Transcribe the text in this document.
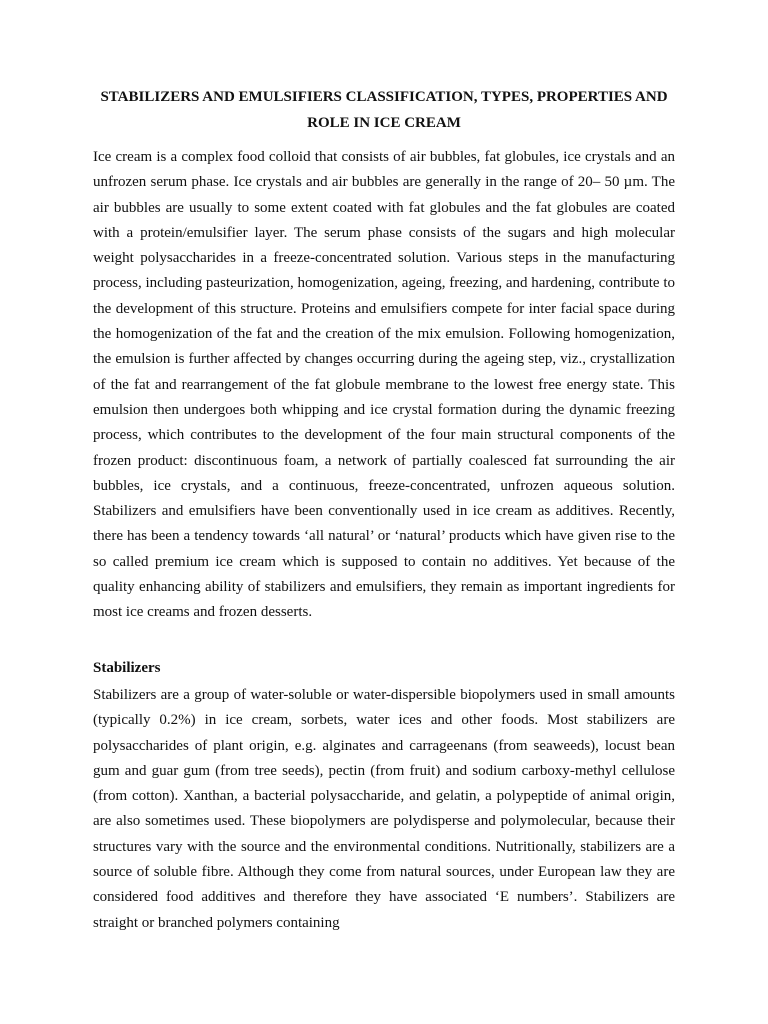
STABILIZERS AND EMULSIFIERS CLASSIFICATION, TYPES, PROPERTIES AND ROLE IN ICE CREAM

Ice cream is a complex food colloid that consists of air bubbles, fat globules, ice crystals and an unfrozen serum phase. Ice crystals and air bubbles are generally in the range of 20– 50 µm. The air bubbles are usually to some extent coated with fat globules and the fat globules are coated with a protein/emulsifier layer. The serum phase consists of the sugars and high molecular weight polysaccharides in a freeze-concentrated solution. Various steps in the manufacturing process, including pasteurization, homogenization, ageing, freezing, and hardening, contribute to the development of this structure. Proteins and emulsifiers compete for inter facial space during the homogenization of the fat and the creation of the mix emulsion. Following homogenization, the emulsion is further affected by changes occurring during the ageing step, viz., crystallization of the fat and rearrangement of the fat globule membrane to the lowest free energy state. This emulsion then undergoes both whipping and ice crystal formation during the dynamic freezing process, which contributes to the development of the four main structural components of the frozen product: discontinuous foam, a network of partially coalesced fat surrounding the air bubbles, ice crystals, and a continuous, freeze-concentrated, unfrozen aqueous solution. Stabilizers and emulsifiers have been conventionally used in ice cream as additives. Recently, there has been a tendency towards ‘all natural’ or ‘natural’ products which have given rise to the so called premium ice cream which is supposed to contain no additives. Yet because of the quality enhancing ability of stabilizers and emulsifiers, they remain as important ingredients for most ice creams and frozen desserts.

Stabilizers

Stabilizers are a group of water-soluble or water-dispersible biopolymers used in small amounts (typically 0.2%) in ice cream, sorbets, water ices and other foods. Most stabilizers are polysaccharides of plant origin, e.g. alginates and carrageenans (from seaweeds), locust bean gum and guar gum (from tree seeds), pectin (from fruit) and sodium carboxy-methyl cellulose (from cotton). Xanthan, a bacterial polysaccharide, and gelatin, a polypeptide of animal origin, are also sometimes used. These biopolymers are polydisperse and polymolecular, because their structures vary with the source and the environmental conditions. Nutritionally, stabilizers are a source of soluble fibre. Although they come from natural sources, under European law they are considered food additives and therefore they have associated ‘E numbers’. Stabilizers are straight or branched polymers containing
